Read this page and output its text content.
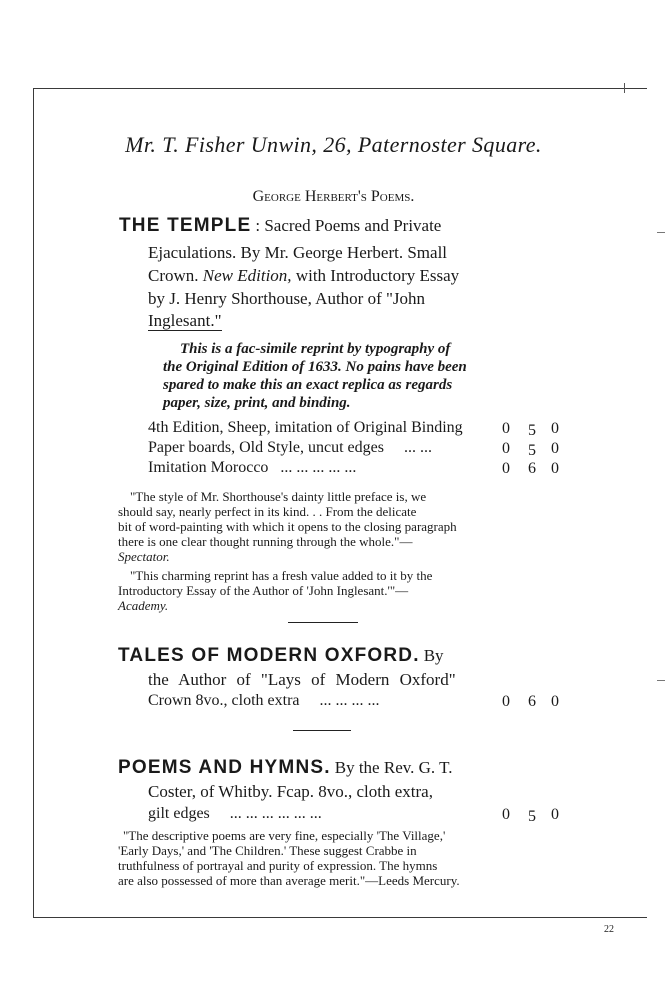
Mr. T. Fisher Unwin, 26, Paternoster Square.
George Herbert's Poems.
THE TEMPLE : Sacred Poems and Private
Ejaculations. By Mr. George Herbert. Small
Crown. New Edition, with Introductory Essay
by J. Henry Shorthouse, Author of "John
Inglesant."
This is a fac-simile reprint by typography of
the Original Edition of 1633. No pains have been
spared to make this an exact replica as regards
paper, size, print, and binding.
4th Edition, Sheep, imitation of Original Binding 0 5 0
Paper boards, Old Style, uncut edges ... ...	0 5 0
Imitation Morocco ... ... ... ... ...	0 6 0
"The style of Mr. Shorthouse's dainty little preface is, we
should say, nearly perfect in its kind. . . From the delicate
bit of word-painting with which it opens to the closing paragraph
there is one clear thought running through the whole."—
Spectator.
"This charming reprint has a fresh value added to it by the
Introductory Essay of the Author of 'John Inglesant.'"—
Academy.
TALES OF MODERN OXFORD. By
the Author of "Lays of Modern Oxford"
Crown 8vo., cloth extra ... ... ... ...	0 6 0
POEMS AND HYMNS. By the Rev. G. T.
Coster, of Whitby. Fcap. 8vo., cloth extra,
gilt edges ... ... ... ... ... ...	0 5 0
"The descriptive poems are very fine, especially 'The Village,'
'Early Days,' and 'The Children.' These suggest Crabbe in
truthfulness of portrayal and purity of expression. The hymns
are also possessed of more than average merit."—Leeds Mercury.
22
